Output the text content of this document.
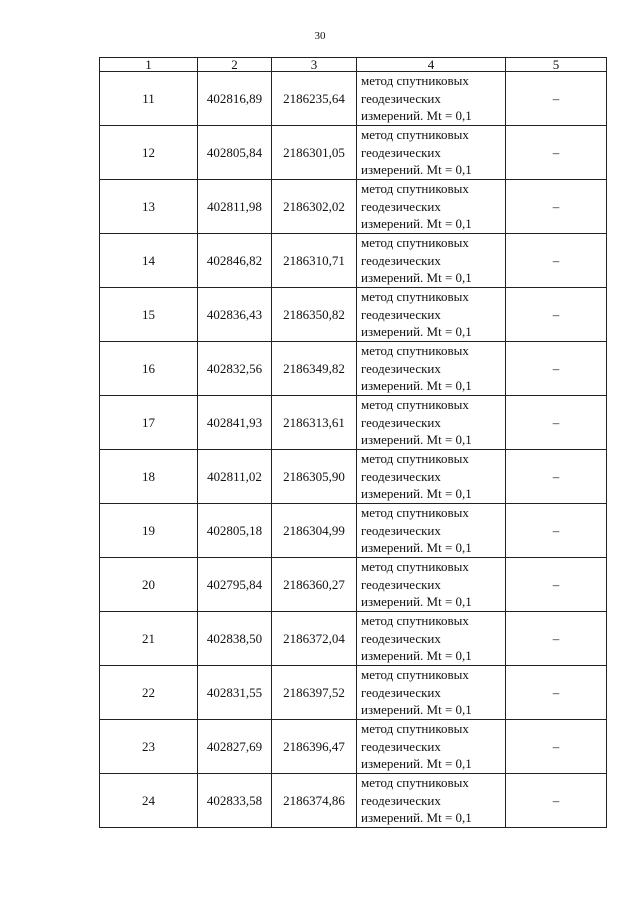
30
1	2	3	4	5
11	402816,89	2186235,64	метод спутниковых
геодезических
измерений. Mt = 0,1	–
12	402805,84	2186301,05	метод спутниковых
геодезических
измерений. Mt = 0,1	–
13	402811,98	2186302,02	метод спутниковых
геодезических
измерений. Mt = 0,1	–
14	402846,82	2186310,71	метод спутниковых
геодезических
измерений. Mt = 0,1	–
15	402836,43	2186350,82	метод спутниковых
геодезических
измерений. Mt = 0,1	–
16	402832,56	2186349,82	метод спутниковых
геодезических
измерений. Mt = 0,1	–
17	402841,93	2186313,61	метод спутниковых
геодезических
измерений. Mt = 0,1	–
18	402811,02	2186305,90	метод спутниковых
геодезических
измерений. Mt = 0,1	–
19	402805,18	2186304,99	метод спутниковых
геодезических
измерений. Mt = 0,1	–
20	402795,84	2186360,27	метод спутниковых
геодезических
измерений. Mt = 0,1	–
21	402838,50	2186372,04	метод спутниковых
геодезических
измерений. Mt = 0,1	–
22	402831,55	2186397,52	метод спутниковых
геодезических
измерений. Mt = 0,1	–
23	402827,69	2186396,47	метод спутниковых
геодезических
измерений. Mt = 0,1	–
24	402833,58	2186374,86	метод спутниковых
геодезических
измерений. Mt = 0,1	–
